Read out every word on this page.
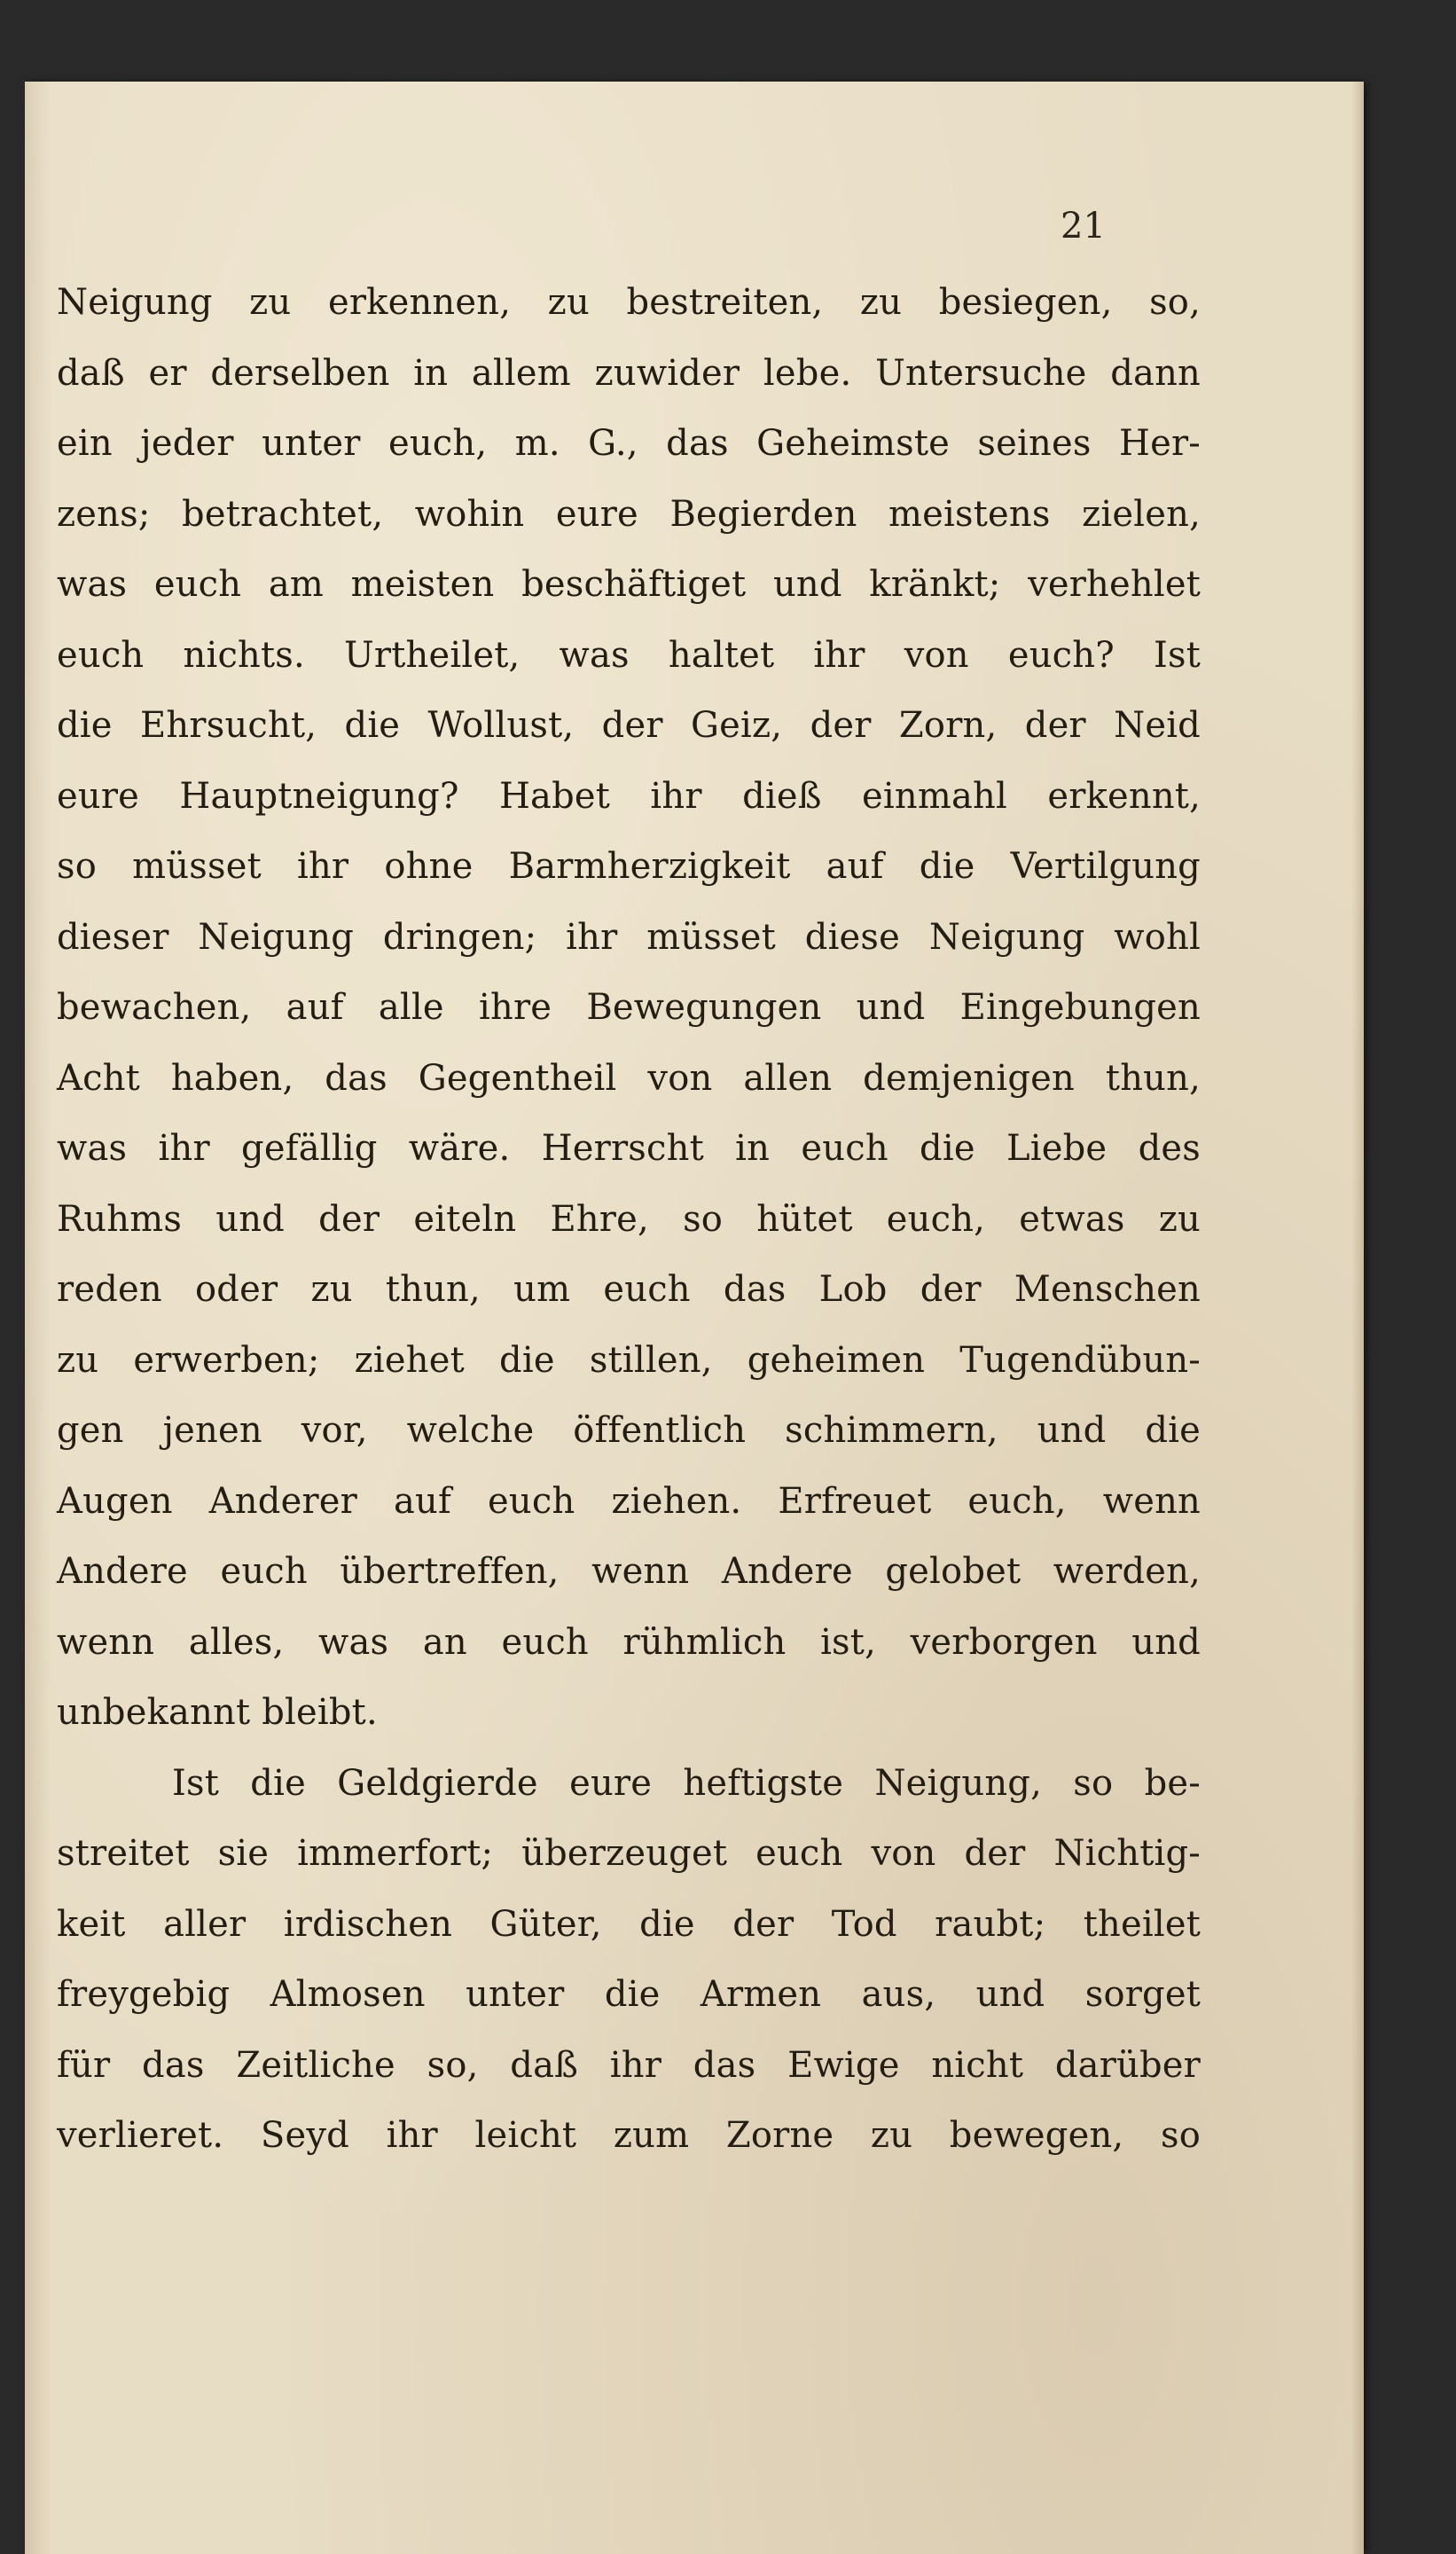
21
Neigung zu erkennen, zu bestreiten, zu besiegen, so,
daß er derselben in allem zuwider lebe. Untersuche dann
ein jeder unter euch, m. G., das Geheimste seines Her-
zens; betrachtet, wohin eure Begierden meistens zielen,
was euch am meisten beschäftiget und kränkt; verhehlet
euch nichts. Urtheilet, was haltet ihr von euch? Ist
die Ehrsucht, die Wollust, der Geiz, der Zorn, der Neid
eure Hauptneigung? Habet ihr dieß einmahl erkennt,
so müsset ihr ohne Barmherzigkeit auf die Vertilgung
dieser Neigung dringen; ihr müsset diese Neigung wohl
bewachen, auf alle ihre Bewegungen und Eingebungen
Acht haben, das Gegentheil von allen demjenigen thun,
was ihr gefällig wäre. Herrscht in euch die Liebe des
Ruhms und der eiteln Ehre, so hütet euch, etwas zu
reden oder zu thun, um euch das Lob der Menschen
zu erwerben; ziehet die stillen, geheimen Tugendübun-
gen jenen vor, welche öffentlich schimmern, und die
Augen Anderer auf euch ziehen. Erfreuet euch, wenn
Andere euch übertreffen, wenn Andere gelobet werden,
wenn alles, was an euch rühmlich ist, verborgen und
unbekannt bleibt.
Ist die Geldgierde eure heftigste Neigung, so be-
streitet sie immerfort; überzeuget euch von der Nichtig-
keit aller irdischen Güter, die der Tod raubt; theilet
freygebig Almosen unter die Armen aus, und sorget
für das Zeitliche so, daß ihr das Ewige nicht darüber
verlieret. Seyd ihr leicht zum Zorne zu bewegen, so
